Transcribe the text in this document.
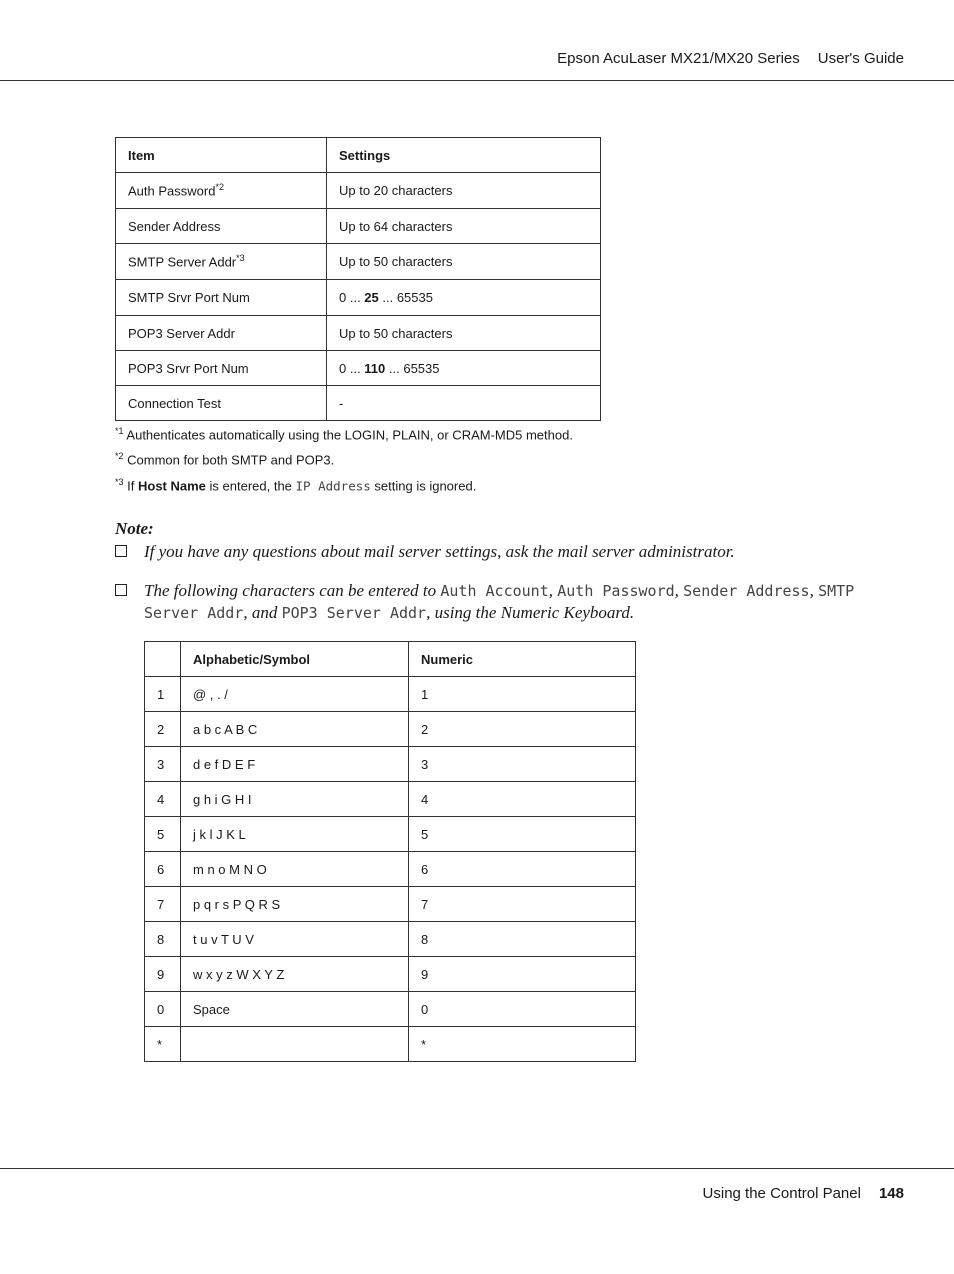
Epson AcuLaser MX21/MX20 Series User's Guide
Item	Settings
Auth Password$^{*2}$	Up to 20 characters
Sender Address	Up to 64 characters
SMTP Server Addr$^{*3}$	Up to 50 characters
SMTP Srvr Port Num	0 ... 25 ... 65535
POP3 Server Addr	Up to 50 characters
POP3 Srvr Port Num	0 ... 110 ... 65535
Connection Test	-
$^{*1}$ Authenticates automatically using the LOGIN, PLAIN, or CRAM-MD5 method.
$^{*2}$ Common for both SMTP and POP3.
$^{*3}$ If Host Name is entered, the IP Address setting is ignored.
Note:
If you have any questions about mail server settings, ask the mail server administrator.
The following characters can be entered to Auth Account, Auth Password, Sender Address, SMTP Server Addr, and POP3 Server Addr, using the Numeric Keyboard.
	Alphabetic/Symbol	Numeric
1	@ , . /	1
2	a b c A B C	2
3	d e f D E F	3
4	g h i G H I	4
5	j k l J K L	5
6	m n o M N O	6
7	p q r s P Q R S	7
8	t u v T U V	8
9	w x y z W X Y Z	9
0	Space	0
*		*
Using the Control Panel 148
